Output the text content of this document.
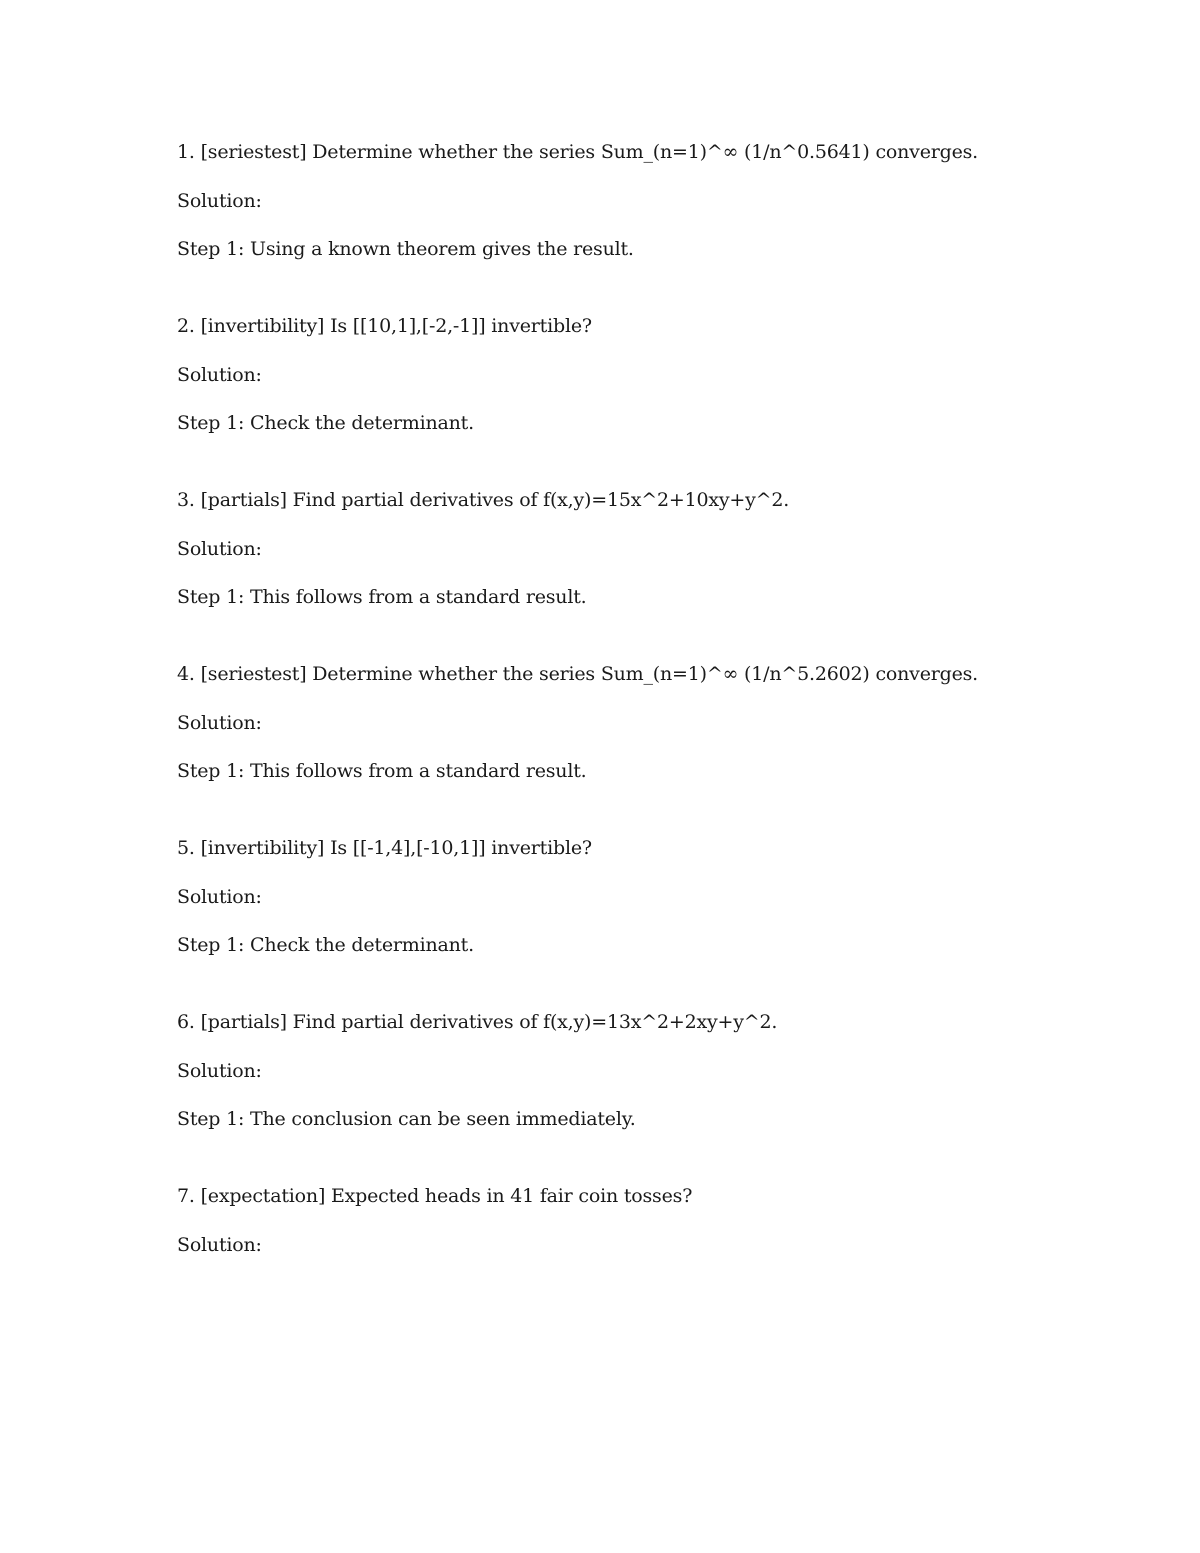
1. [seriestest] Determine whether the series Sum_(n=1)^∞ (1/n^0.5641) converges.

Solution:

Step 1: Using a known theorem gives the result.

2. [invertibility] Is [[10,1],[-2,-1]] invertible?

Solution:

Step 1: Check the determinant.

3. [partials] Find partial derivatives of f(x,y)=15x^2+10xy+y^2.

Solution:

Step 1: This follows from a standard result.

4. [seriestest] Determine whether the series Sum_(n=1)^∞ (1/n^5.2602) converges.

Solution:

Step 1: This follows from a standard result.

5. [invertibility] Is [[-1,4],[-10,1]] invertible?

Solution:

Step 1: Check the determinant.

6. [partials] Find partial derivatives of f(x,y)=13x^2+2xy+y^2.

Solution:

Step 1: The conclusion can be seen immediately.

7. [expectation] Expected heads in 41 fair coin tosses?

Solution:
